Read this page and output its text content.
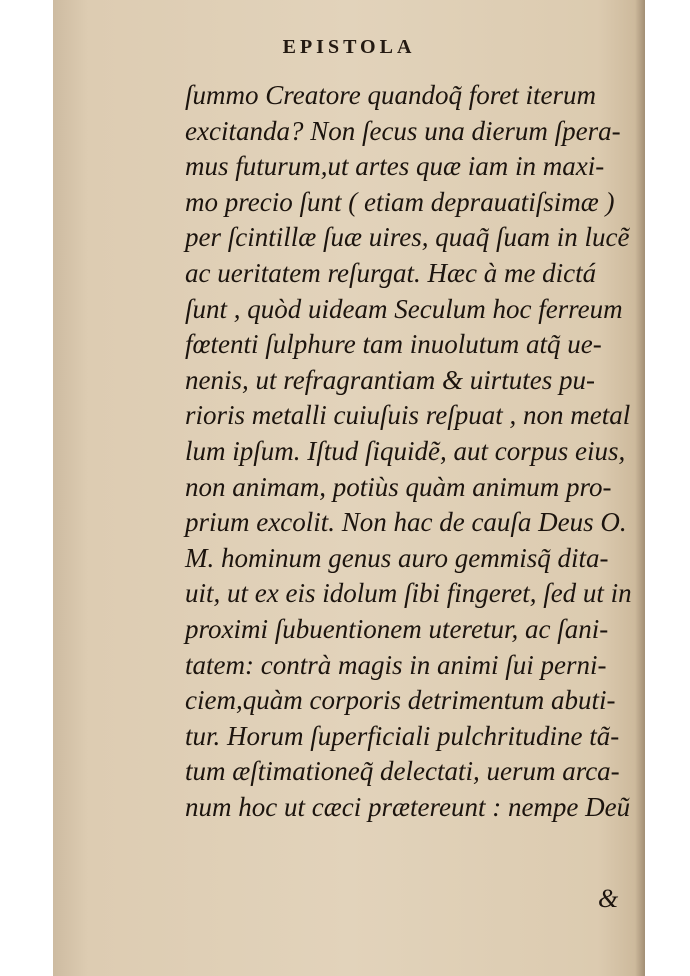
EPISTOLA
ſummo Creatore quandoq̃ foret iterum
excitanda? Non ſecus una dierum ſpera-
mus futurum,ut artes quæ iam in maxi-
mo precio ſunt ( etiam deprauatiſsimæ )
per ſcintillæ ſuæ uires, quaq̃ ſuam in lucẽ
ac ueritatem reſurgat. Hæc à me dictá
ſunt , quòd uideam Seculum hoc ferreum
fœtenti ſulphure tam inuolutum atq̃ ue-
nenis, ut refragrantiam & uirtutes pu-
rioris metalli cuiuſuis reſpuat , non metal
lum ipſum. Iſtud ſiquidẽ, aut corpus eius,
non animam, potiùs quàm animum pro-
prium excolit. Non hac de cauſa Deus O.
M. hominum genus auro gemmisq̃ dita-
uit, ut ex eis idolum ſibi fingeret, ſed ut in
proximi ſubuentionem uteretur, ac ſani-
tatem: contrà magis in animi ſui perni-
ciem,quàm corporis detrimentum abuti-
tur. Horum ſuperficiali pulchritudine tã-
tum æſtimationeq̃ delectati, uerum arca-
num hoc ut cæci prætereunt : nempe Deũ
&
